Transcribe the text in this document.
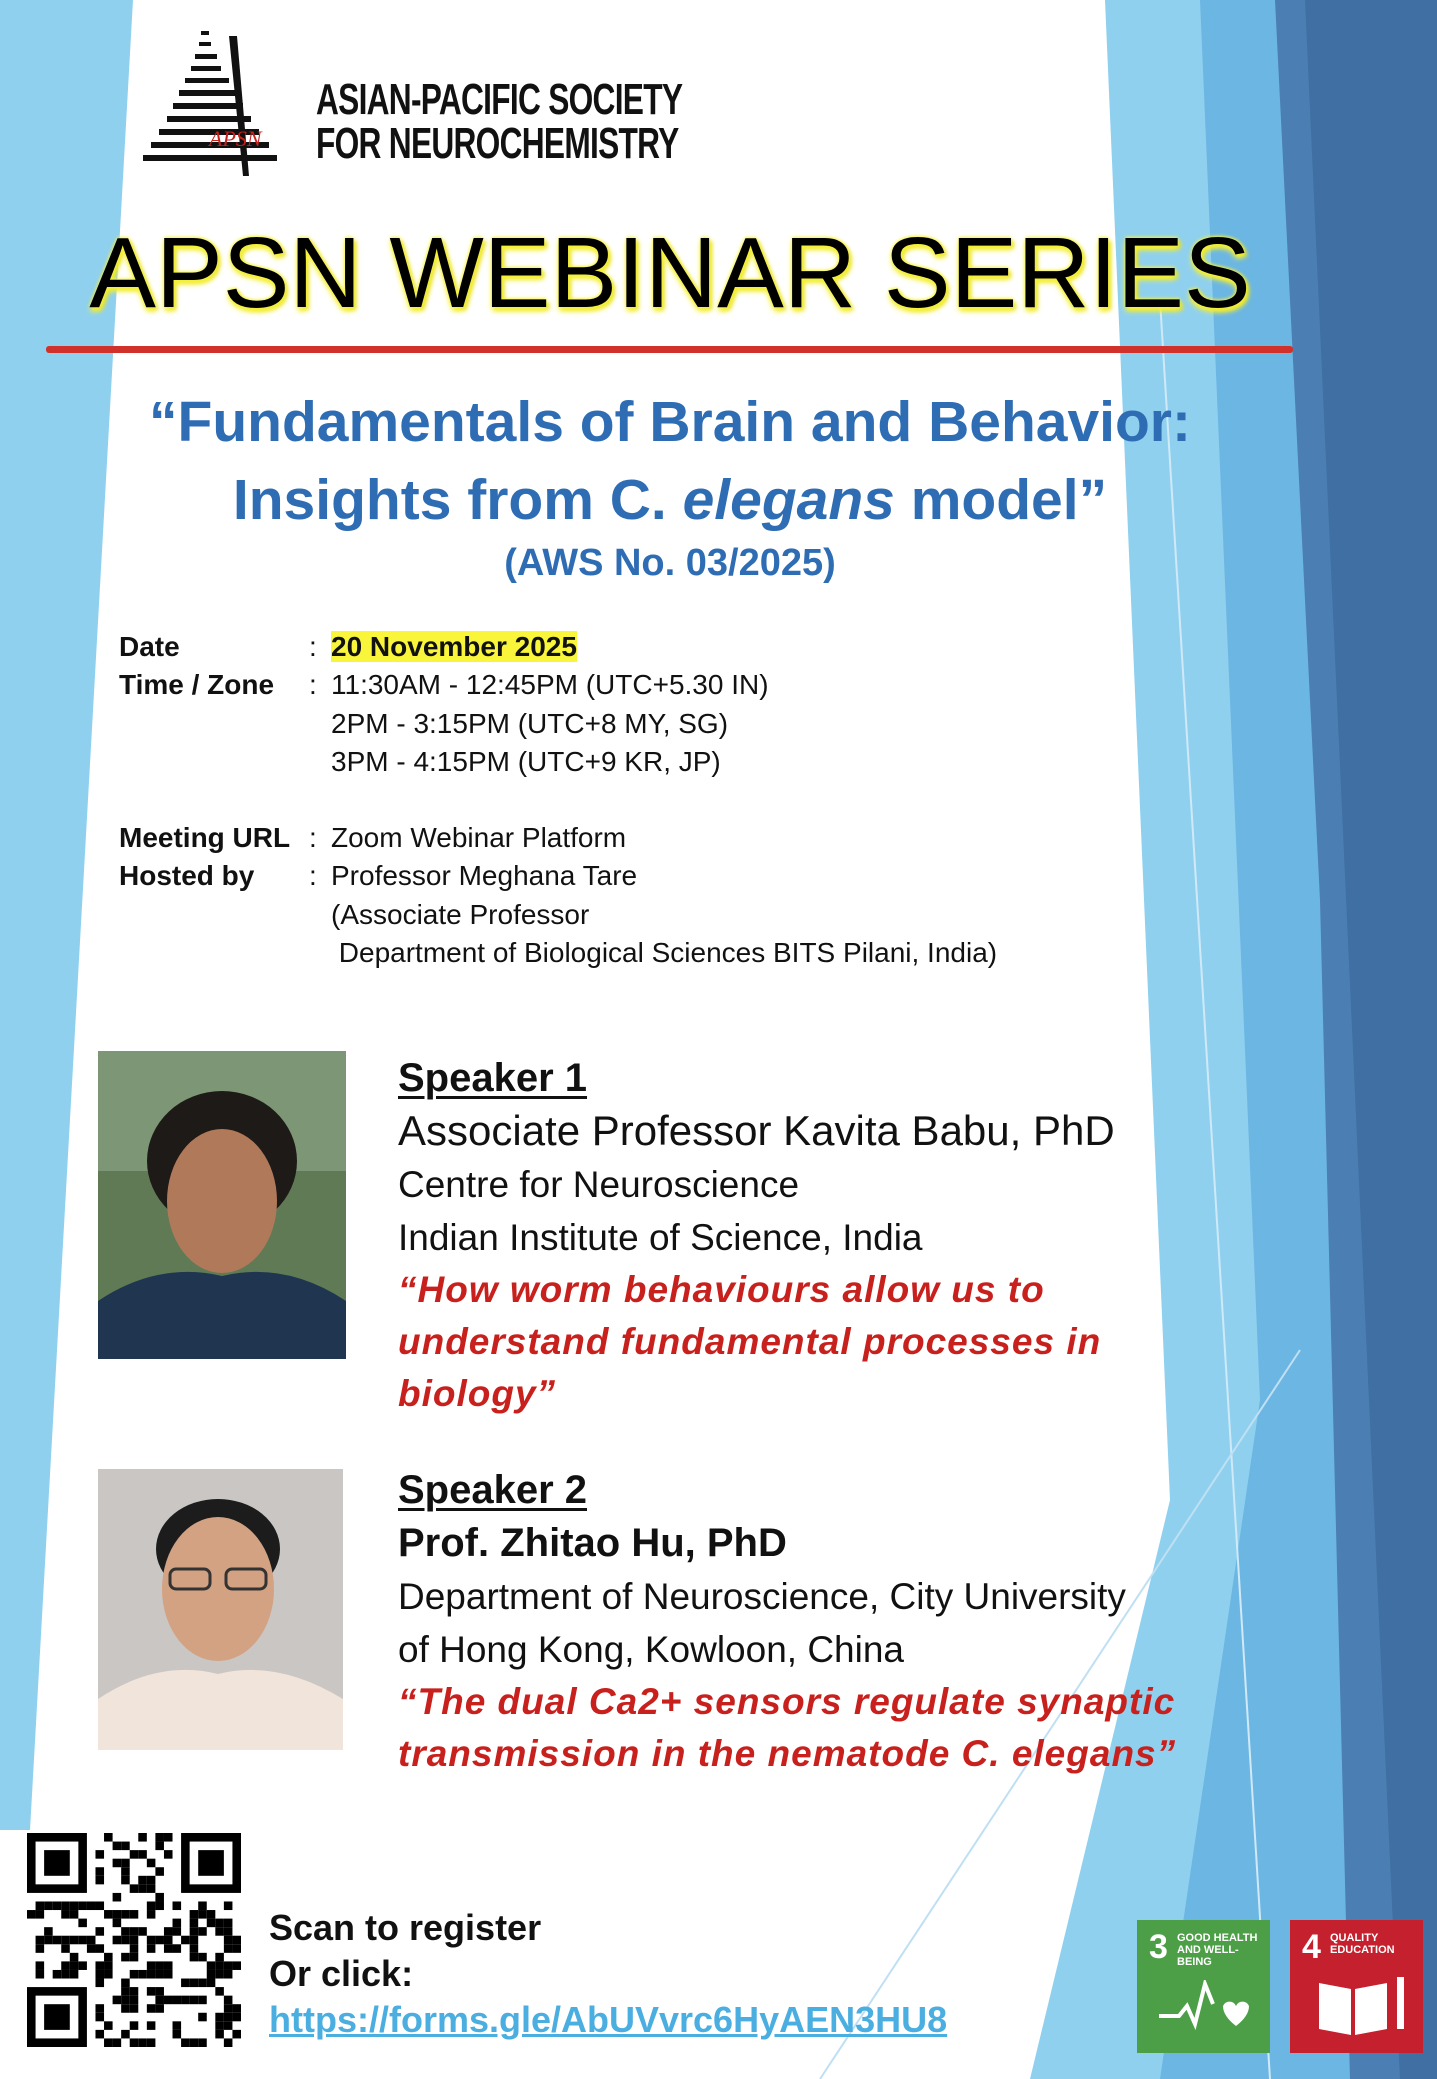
APSN
ASIAN-PACIFIC SOCIETY
FOR NEUROCHEMISTRY
APSN WEBINAR SERIES
“Fundamentals of Brain and Behavior:
Insights from C. elegans model”
(AWS No. 03/2025)
Date	: 20 November 2025
Time / Zone	: 11:30AM - 12:45PM (UTC+5.30 IN)
2PM - 3:15PM (UTC+8 MY, SG)
3PM - 4:15PM (UTC+9 KR, JP)
Meeting URL : Zoom Webinar Platform
Hosted by	: Professor Meghana Tare
(Associate Professor
Department of Biological Sciences BITS Pilani, India)
Speaker 1
Associate Professor Kavita Babu, PhD
Centre for Neuroscience
Indian Institute of Science, India
“How worm behaviours allow us to
understand fundamental processes in
biology”
Speaker 2
Prof. Zhitao Hu, PhD
Department of Neuroscience, City University
of Hong Kong, Kowloon, China
“The dual Ca2+ sensors regulate synaptic
transmission in the nematode C. elegans”
Scan to register
Or click:
https://forms.gle/AbUVvrc6HyAEN3HU8
3 GOOD HEALTH AND WELL-BEING	4 QUALITY EDUCATION
